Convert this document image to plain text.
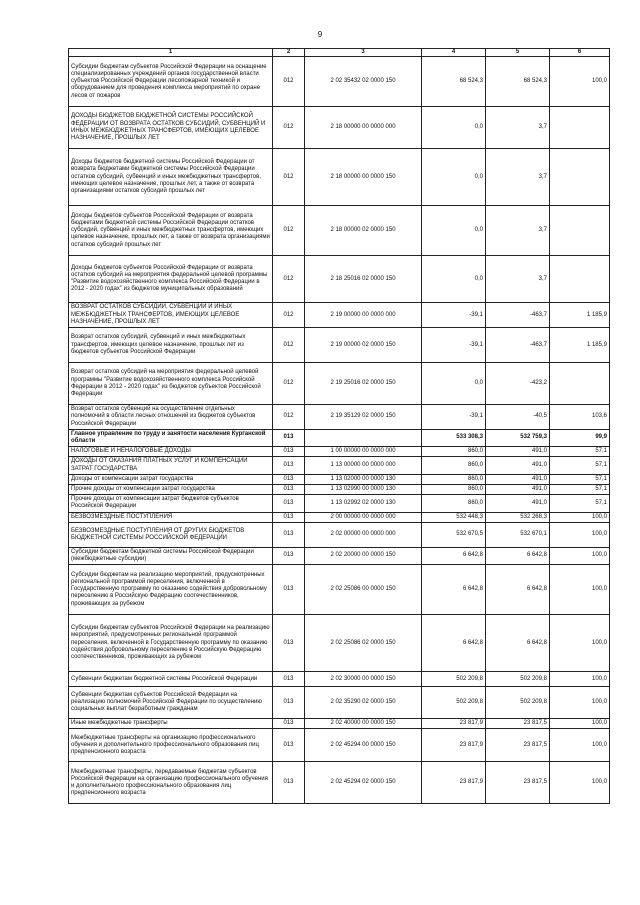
9
1	2	3	4	5	6
Субсидии бюджетам субъектов Российской Федерации на оснащение специализированных учреждений органов государственной власти субъектов Российской Федерации лесопожарной техникой и оборудованием для проведения комплекса мероприятий по охране лесов от пожаров	012	2 02 35432 02 0000 150	68 524,3	68 524,3	100,0
ДОХОДЫ БЮДЖЕТОВ БЮДЖЕТНОЙ СИСТЕМЫ РОССИЙСКОЙ ФЕДЕРАЦИИ ОТ ВОЗВРАТА ОСТАТКОВ СУБСИДИЙ, СУБВЕНЦИЙ И ИНЫХ МЕЖБЮДЖЕТНЫХ ТРАНСФЕРТОВ, ИМЕЮЩИХ ЦЕЛЕВОЕ НАЗНАЧЕНИЕ, ПРОШЛЫХ ЛЕТ	012	2 18 00000 00 0000 000	0,0	3,7	
Доходы бюджетов бюджетной системы Российской Федерации от возврата бюджетами бюджетной системы Российской Федерации остатков субсидий, субвенций и иных межбюджетных трансфертов, имеющих целевое назначение, прошлых лет, а также от возврата организациями остатков субсидий прошлых лет	012	2 18 00000 00 0000 150	0,0	3,7	
Доходы бюджетов субъектов Российской Федерации от возврата бюджетами бюджетной системы Российской Федерации остатков субсидий, субвенций и иных межбюджетных трансфертов, имеющих целевое назначение, прошлых лет, а также от возврата организациями остатков субсидий прошлых лет	012	2 18 00000 02 0000 150	0,0	3,7	
Доходы бюджетов субъектов Российской Федерации от возврата остатков субсидий на мероприятия федеральной целевой программы "Развитие водохозяйственного комплекса Российской Федерации в 2012 - 2020 годах" из бюджетов муниципальных образований	012	2 18 25016 02 0000 150	0,0	3,7	
ВОЗВРАТ ОСТАТКОВ СУБСИДИЙ, СУБВЕНЦИЙ И ИНЫХ МЕЖБЮДЖЕТНЫХ ТРАНСФЕРТОВ, ИМЕЮЩИХ ЦЕЛЕВОЕ НАЗНАЧЕНИЕ, ПРОШЛЫХ ЛЕТ	012	2 19 00000 00 0000 000	-39,1	-463,7	1 185,9
Возврат остатков субсидий, субвенций и иных межбюджетных трансфертов, имеющих целевое назначение, прошлых лет из бюджетов субъектов Российской Федерации	012	2 19 00000 02 0000 150	-39,1	-463,7	1 185,9
Возврат остатков субсидий на мероприятия федеральной целевой программы "Развитие водохозяйственного комплекса Российской Федерации в 2012 - 2020 годах" из бюджетов субъектов Российской Федерации	012	2 19 25016 02 0000 150	0,0	-423,2	
Возврат остатков субвенций на осуществление отдельных полномочий в области лесных отношений из бюджетов субъектов Российской Федерации	012	2 19 35129 02 0000 150	-39,1	-40,5	103,6
Главное управление по труду и занятости населения Курганской области	013		533 308,3	532 759,3	99,9
НАЛОГОВЫЕ И НЕНАЛОГОВЫЕ ДОХОДЫ	013	1 00 00000 00 0000 000	860,0	491,0	57,1
ДОХОДЫ ОТ ОКАЗАНИЯ ПЛАТНЫХ УСЛУГ И КОМПЕНСАЦИИ ЗАТРАТ ГОСУДАРСТВА	013	1 13 00000 00 0000 000	860,0	491,0	57,1
Доходы от компенсации затрат государства	013	1 13 02000 00 0000 130	860,0	491,0	57,1
Прочие доходы от компенсации затрат государства	013	1 13 02990 00 0000 130	860,0	491,0	57,1
Прочие доходы от компенсации затрат бюджетов субъектов Российской Федерации	013	1 13 02992 02 0000 130	860,0	491,0	57,1
БЕЗВОЗМЕЗДНЫЕ ПОСТУПЛЕНИЯ	013	2 00 00000 00 0000 000	532 448,3	532 268,3	100,0
БЕЗВОЗМЕЗДНЫЕ ПОСТУПЛЕНИЯ ОТ ДРУГИХ БЮДЖЕТОВ БЮДЖЕТНОЙ СИСТЕМЫ РОССИЙСКОЙ ФЕДЕРАЦИИ	013	2 02 00000 00 0000 000	532 670,5	532 670,1	100,0
Субсидии бюджетам бюджетной системы Российской Федерации (межбюджетные субсидии)	013	2 02 20000 00 0000 150	6 642,8	6 642,8	100,0
Субсидии бюджетам на реализацию мероприятий, предусмотренных региональной программой переселения, включенной в Государственную программу по оказанию содействия добровольному переселению в Российскую Федерацию соотечественников, проживающих за рубежом	013	2 02 25086 00 0000 150	6 642,8	6 642,8	100,0
Субсидии бюджетам субъектов Российской Федерации на реализацию мероприятий, предусмотренных региональной программой переселения, включенной в Государственную программу по оказанию содействия добровольному переселению в Российскую Федерацию соотечественников, проживающих за рубежом	013	2 02 25086 02 0000 150	6 642,8	6 642,8	100,0
Субвенции бюджетам бюджетной системы Российской Федерации	013	2 02 30000 00 0000 150	502 209,8	502 209,8	100,0
Субвенции бюджетам субъектов Российской Федерации на реализацию полномочий Российской Федерации по осуществлению социальных выплат безработным гражданам	013	2 02 35290 02 0000 150	502 209,8	502 209,8	100,0
Иные межбюджетные трансферты	013	2 02 40000 00 0000 150	23 817,9	23 817,5	100,0
Межбюджетные трансферты на организацию профессионального обучения и дополнительного профессионального образования лиц предпенсионного возраста	013	2 02 45294 00 0000 150	23 817,9	23 817,5	100,0
Межбюджетные трансферты, передаваемые бюджетам субъектов Российской Федерации на организацию профессионального обучения и дополнительного профессионального образования лиц предпенсионного возраста	013	2 02 45294 02 0000 150	23 817,9	23 817,5	100,0
